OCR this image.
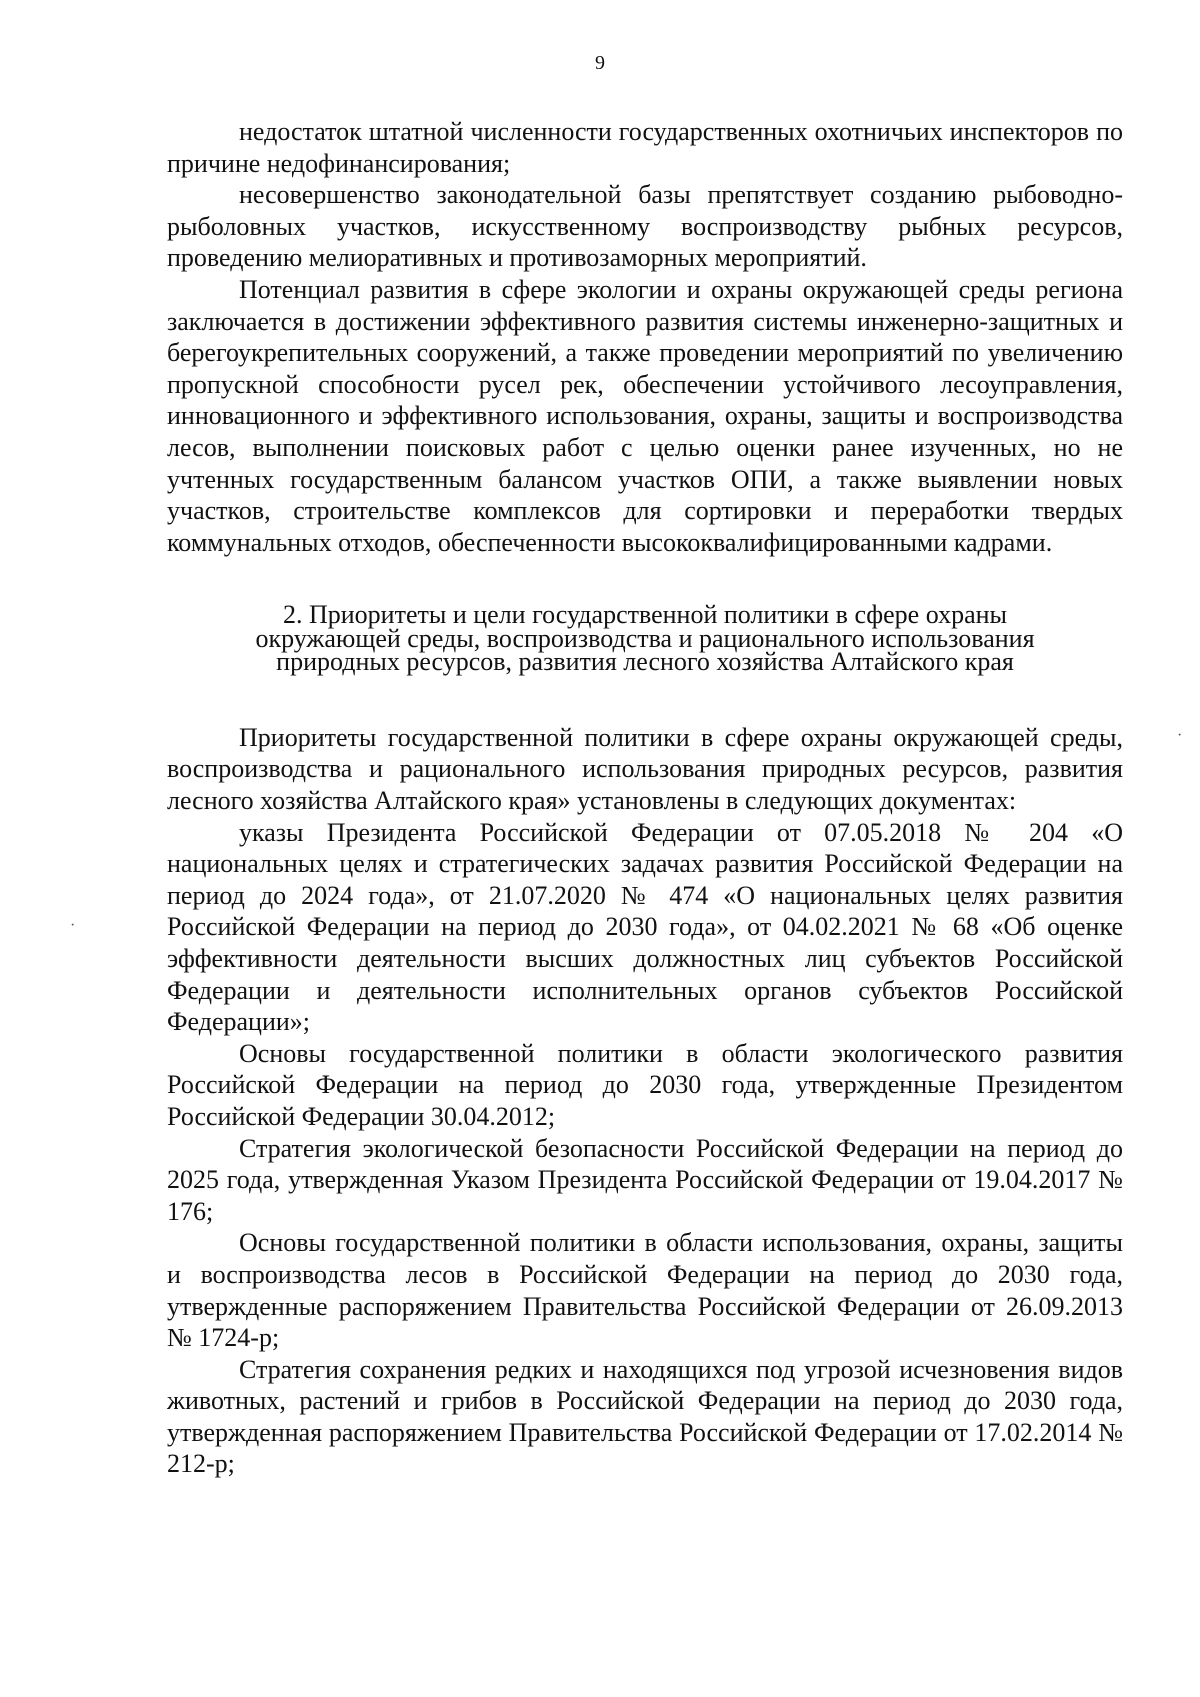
9

недостаток штатной численности государственных охотничьих инспекторов по причине недофинансирования;

несовершенство законодательной базы препятствует созданию рыбоводно-рыболовных участков, искусственному воспроизводству рыбных ресурсов, проведению мелиоративных и противозаморных мероприятий.

Потенциал развития в сфере экологии и охраны окружающей среды региона заключается в достижении эффективного развития системы инженерно-защитных и берегоукрепительных сооружений, а также проведении мероприятий по увеличению пропускной способности русел рек, обеспечении устойчивого лесоуправления, инновационного и эффективного использования, охраны, защиты и воспроизводства лесов, выполнении поисковых работ с целью оценки ранее изученных, но не учтенных государственным балансом участков ОПИ, а также выявлении новых участков, строительстве комплексов для сортировки и переработки твердых коммунальных отходов, обеспеченности высококвалифицированными кадрами.

2. Приоритеты и цели государственной политики в сфере охраны
окружающей среды, воспроизводства и рационального использования
природных ресурсов, развития лесного хозяйства Алтайского края

Приоритеты государственной политики в сфере охраны окружающей среды, воспроизводства и рационального использования природных ресурсов, развития лесного хозяйства Алтайского края» установлены в следующих документах:

указы Президента Российской Федерации от 07.05.2018 № 204 «О национальных целях и стратегических задачах развития Российской Федерации на период до 2024 года», от 21.07.2020 № 474 «О национальных целях развития Российской Федерации на период до 2030 года», от 04.02.2021 № 68 «Об оценке эффективности деятельности высших должностных лиц субъектов Российской Федерации и деятельности исполнительных органов субъектов Российской Федерации»;

Основы государственной политики в области экологического развития Российской Федерации на период до 2030 года, утвержденные Президентом Российской Федерации 30.04.2012;

Стратегия экологической безопасности Российской Федерации на период до 2025 года, утвержденная Указом Президента Российской Федерации от 19.04.2017 № 176;

Основы государственной политики в области использования, охраны, защиты и воспроизводства лесов в Российской Федерации на период до 2030 года, утвержденные распоряжением Правительства Российской Федерации от 26.09.2013 № 1724-р;

Стратегия сохранения редких и находящихся под угрозой исчезновения видов животных, растений и грибов в Российской Федерации на период до 2030 года, утвержденная распоряжением Правительства Российской Федерации от 17.02.2014 № 212-р;

·
·
